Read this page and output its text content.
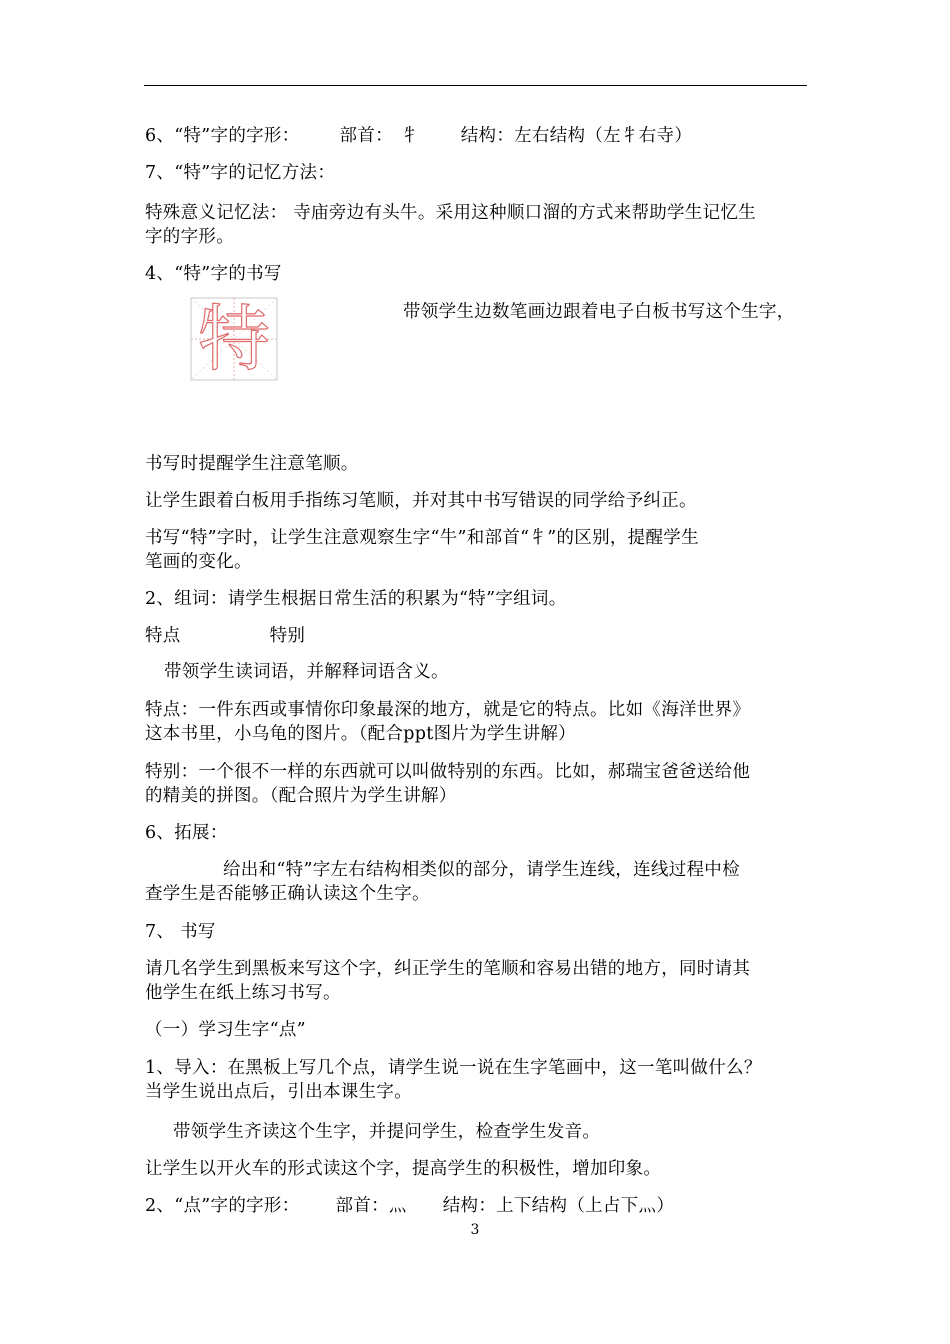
6、“特”字的字形： 部首： 牜 结构：左右结构（左牜右寺）
7、“特”字的记忆方法：
特殊意义记忆法： 寺庙旁边有头牛。采用这种顺口溜的方式来帮助学生记忆生
字的字形。
4、“特”字的书写
特	带领学生边数笔画边跟着电子白板书写这个生字，
书写时提醒学生注意笔顺。
让学生跟着白板用手指练习笔顺，并对其中书写错误的同学给予纠正。
书写“特”字时，让学生注意观察生字“牛”和部首“牜”的区别，提醒学生
笔画的变化。
2、组词：请学生根据日常生活的积累为“特”字组词。
特点	特别
带领学生读词语，并解释词语含义。
特点：一件东西或事情你印象最深的地方，就是它的特点。比如《海洋世界》
这本书里，小乌龟的图片。（配合ppt图片为学生讲解）
特别：一个很不一样的东西就可以叫做特别的东西。比如，郝瑞宝爸爸送给他
的精美的拼图。（配合照片为学生讲解）
6、拓展：
给出和“特”字左右结构相类似的部分，请学生连线，连线过程中检
查学生是否能够正确认读这个生字。
7、 书写
请几名学生到黑板来写这个字，纠正学生的笔顺和容易出错的地方，同时请其
他学生在纸上练习书写。
（一）学习生字“点”
1、导入：在黑板上写几个点，请学生说一说在生字笔画中，这一笔叫做什么？
当学生说出点后，引出本课生字。
带领学生齐读这个生字，并提问学生，检查学生发音。
让学生以开火车的形式读这个字，提高学生的积极性，增加印象。
2、“点”字的字形： 部首：灬 结构：上下结构（上占下灬）
3
